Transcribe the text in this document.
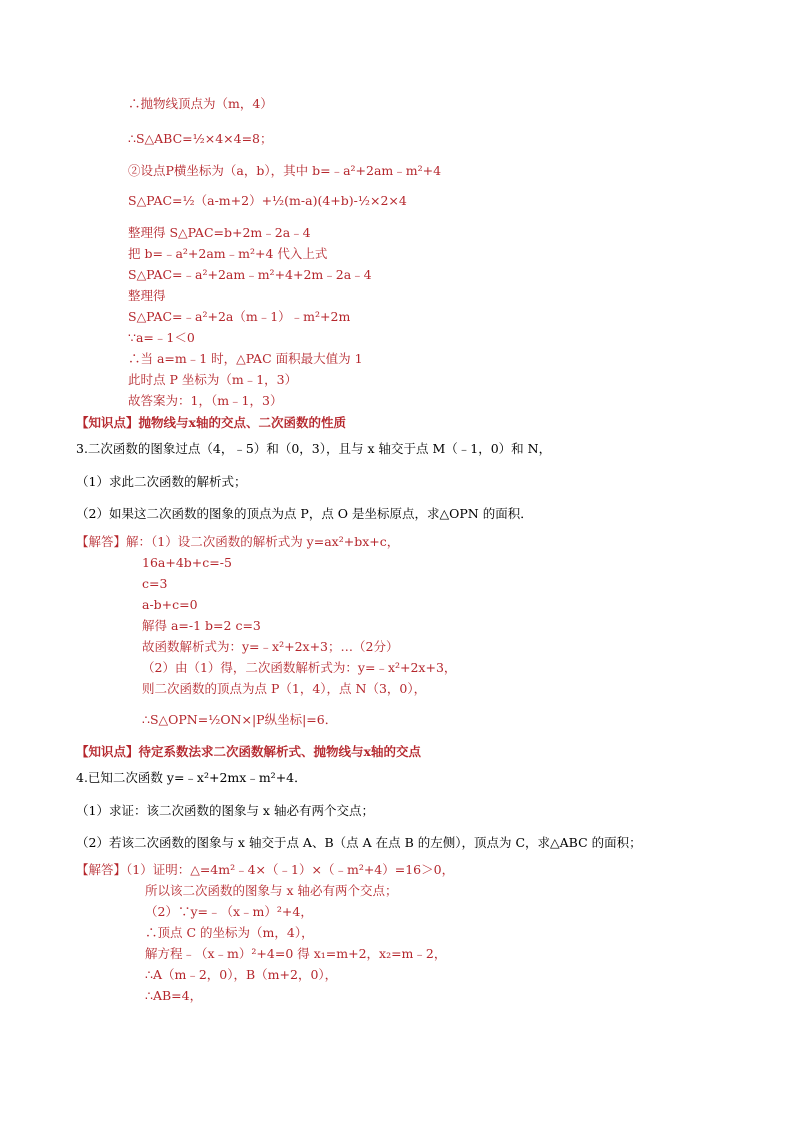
∴抛物线顶点为（m，4）
∴S△ABC=½×4×4=8；
②设点P横坐标为（a，b），其中 b=﹣a²+2am﹣m²+4
S△PAC=½（a-m+2）+½(m-a)(4+b)-½×2×4
整理得 S△PAC=b+2m﹣2a﹣4
把 b=﹣a²+2am﹣m²+4 代入上式
S△PAC=﹣a²+2am﹣m²+4+2m﹣2a﹣4
整理得
S△PAC=﹣a²+2a（m﹣1）﹣m²+2m
∵a=﹣1＜0
∴当 a=m﹣1 时，△PAC 面积最大值为 1
此时点 P 坐标为（m﹣1，3）
故答案为：1，（m﹣1，3）
【知识点】抛物线与x轴的交点、二次函数的性质
3.二次函数的图象过点（4，﹣5）和（0，3），且与 x 轴交于点 M（﹣1，0）和 N，
（1）求此二次函数的解析式；
（2）如果这二次函数的图象的顶点为点 P，点 O 是坐标原点，求△OPN 的面积．
【解答】解：（1）设二次函数的解析式为 y=ax²+bx+c，
16a+4b+c=-5
c=3
a-b+c=0
解得 a=-1 b=2 c=3
故函数解析式为：y=﹣x²+2x+3；…（2分）
（2）由（1）得，二次函数解析式为：y=﹣x²+2x+3，
则二次函数的顶点为点 P（1，4），点 N（3，0），
∴S△OPN=½ON×|P纵坐标|=6．
【知识点】待定系数法求二次函数解析式、抛物线与x轴的交点
4.已知二次函数 y=﹣x²+2mx﹣m²+4．
（1）求证：该二次函数的图象与 x 轴必有两个交点；
（2）若该二次函数的图象与 x 轴交于点 A、B（点 A 在点 B 的左侧），顶点为 C，求△ABC 的面积；
【解答】（1）证明：△=4m²﹣4×（﹣1）×（﹣m²+4）=16＞0，
所以该二次函数的图象与 x 轴必有两个交点；
（2）∵y=﹣（x﹣m）²+4，
∴顶点 C 的坐标为（m，4），
解方程﹣（x﹣m）²+4=0 得 x₁=m+2，x₂=m﹣2，
∴A（m﹣2，0），B（m+2，0），
∴AB=4，
